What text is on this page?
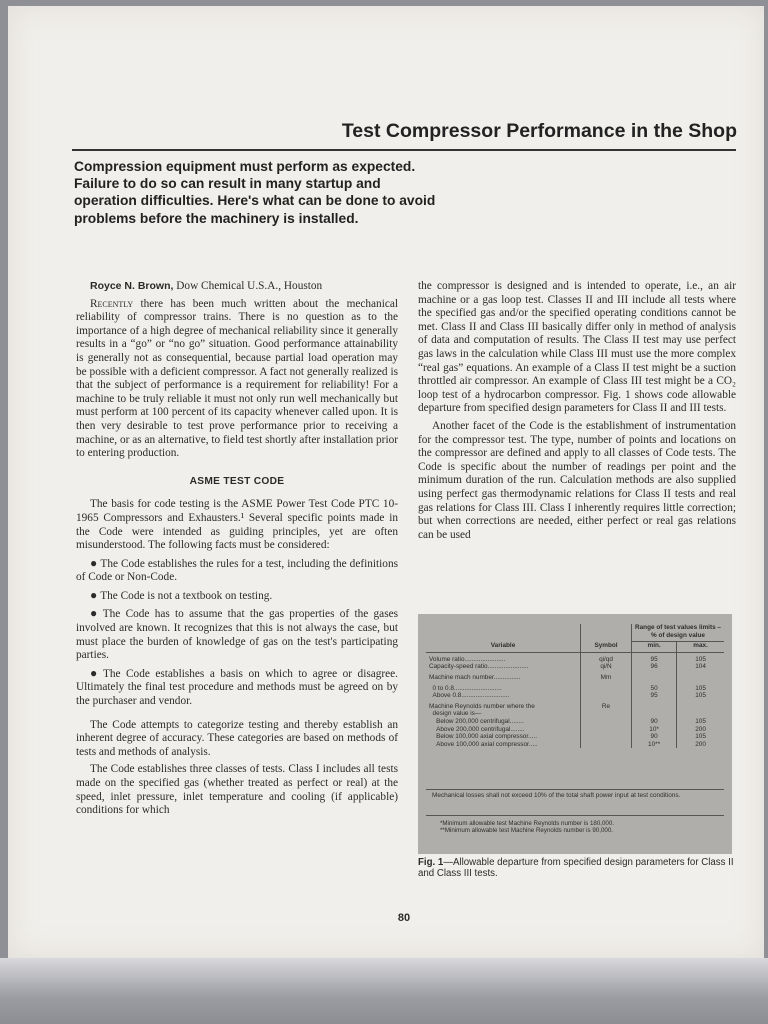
Test Compressor Performance in the Shop
Compression equipment must perform as expected. Failure to do so can result in many startup and operation difficulties. Here's what can be done to avoid problems before the machinery is installed.

Royce N. Brown, Dow Chemical U.S.A., Houston

Recently there has been much written about the mechanical reliability of compressor trains. There is no question as to the importance of a high degree of mechanical reliability since it generally results in a “go” or “no go” situation. Good performance attainability is generally not as consequential, because partial load operation may be possible with a deficient compressor. A fact not generally realized is that the subject of performance is a requirement for reliability! For a machine to be truly reliable it must not only run well mechanically but must perform at 100 percent of its capacity whenever called upon. It is then very desirable to test prove performance prior to receiving a machine, or as an alternative, to field test shortly after installation prior to entering production.

ASME TEST CODE

The basis for code testing is the ASME Power Test Code PTC 10-1965 Compressors and Exhausters.¹ Several specific points made in the Code were intended as guiding principles, yet are often misunderstood. The following facts must be considered:

● The Code establishes the rules for a test, including the definitions of Code or Non-Code.

● The Code is not a textbook on testing.

● The Code has to assume that the gas properties of the gases involved are known. It recognizes that this is not always the case, but must place the burden of knowledge of gas on the test's participating parties.

● The Code establishes a basis on which to agree or disagree. Ultimately the final test procedure and methods must be agreed on by the purchaser and vendor.

The Code attempts to categorize testing and thereby establish an inherent degree of accuracy. These categories are based on methods of tests and methods of analysis.

The Code establishes three classes of tests. Class I includes all tests made on the specified gas (whether treated as perfect or real) at the speed, inlet pressure, inlet temperature and cooling (if applicable) conditions for which

the compressor is designed and is intended to operate, i.e., an air machine or a gas loop test. Classes II and III include all tests where the specified gas and/or the specified operating conditions cannot be met. Class II and Class III basically differ only in method of analysis of data and computation of results. The Class II test may use perfect gas laws in the calculation while Class III must use the more complex “real gas” equations. An example of a Class II test might be a suction throttled air compressor. An example of Class III test might be a CO₂ loop test of a hydrocarbon compressor. Fig. 1 shows code allowable departure from specified design parameters for Class II and III tests.

Another facet of the Code is the establishment of instrumentation for the compressor test. The type, number of points and locations on the compressor are defined and apply to all classes of Code tests. The Code is specific about the number of readings per point and the minimum duration of the run. Calculation methods are also supplied using perfect gas thermodynamic relations for Class II tests and real gas relations for Class III. Class I inherently requires little correction; but when corrections are needed, either perfect or real gas relations can be used

		Range of test values limits – % of design value	
Variable	Symbol	min.	max.
Volume ratio.......................	qi/qd	95	105
Capacity-speed ratio.......................	qi/N	96	104
Machine mach number...............	Mm		
0 to 0.8...........................		50	105
Above 0.8...........................		95	105
Machine Reynolds number where the	Re		
design value is—			
Below 200,000 centrifugal........		90	105
Above 200,000 centrifugal........		10*	200
Below 100,000 axial compressor.....		90	105
Above 100,000 axial compressor.....		10**	200
Mechanical losses shall not exceed 10% of the total shaft power input at test conditions.
*Minimum allowable test Machine Reynolds number is 180,000.
**Minimum allowable test Machine Reynolds number is 90,000.
Fig. 1—Allowable departure from specified design parameters for Class II and Class III tests.
80
